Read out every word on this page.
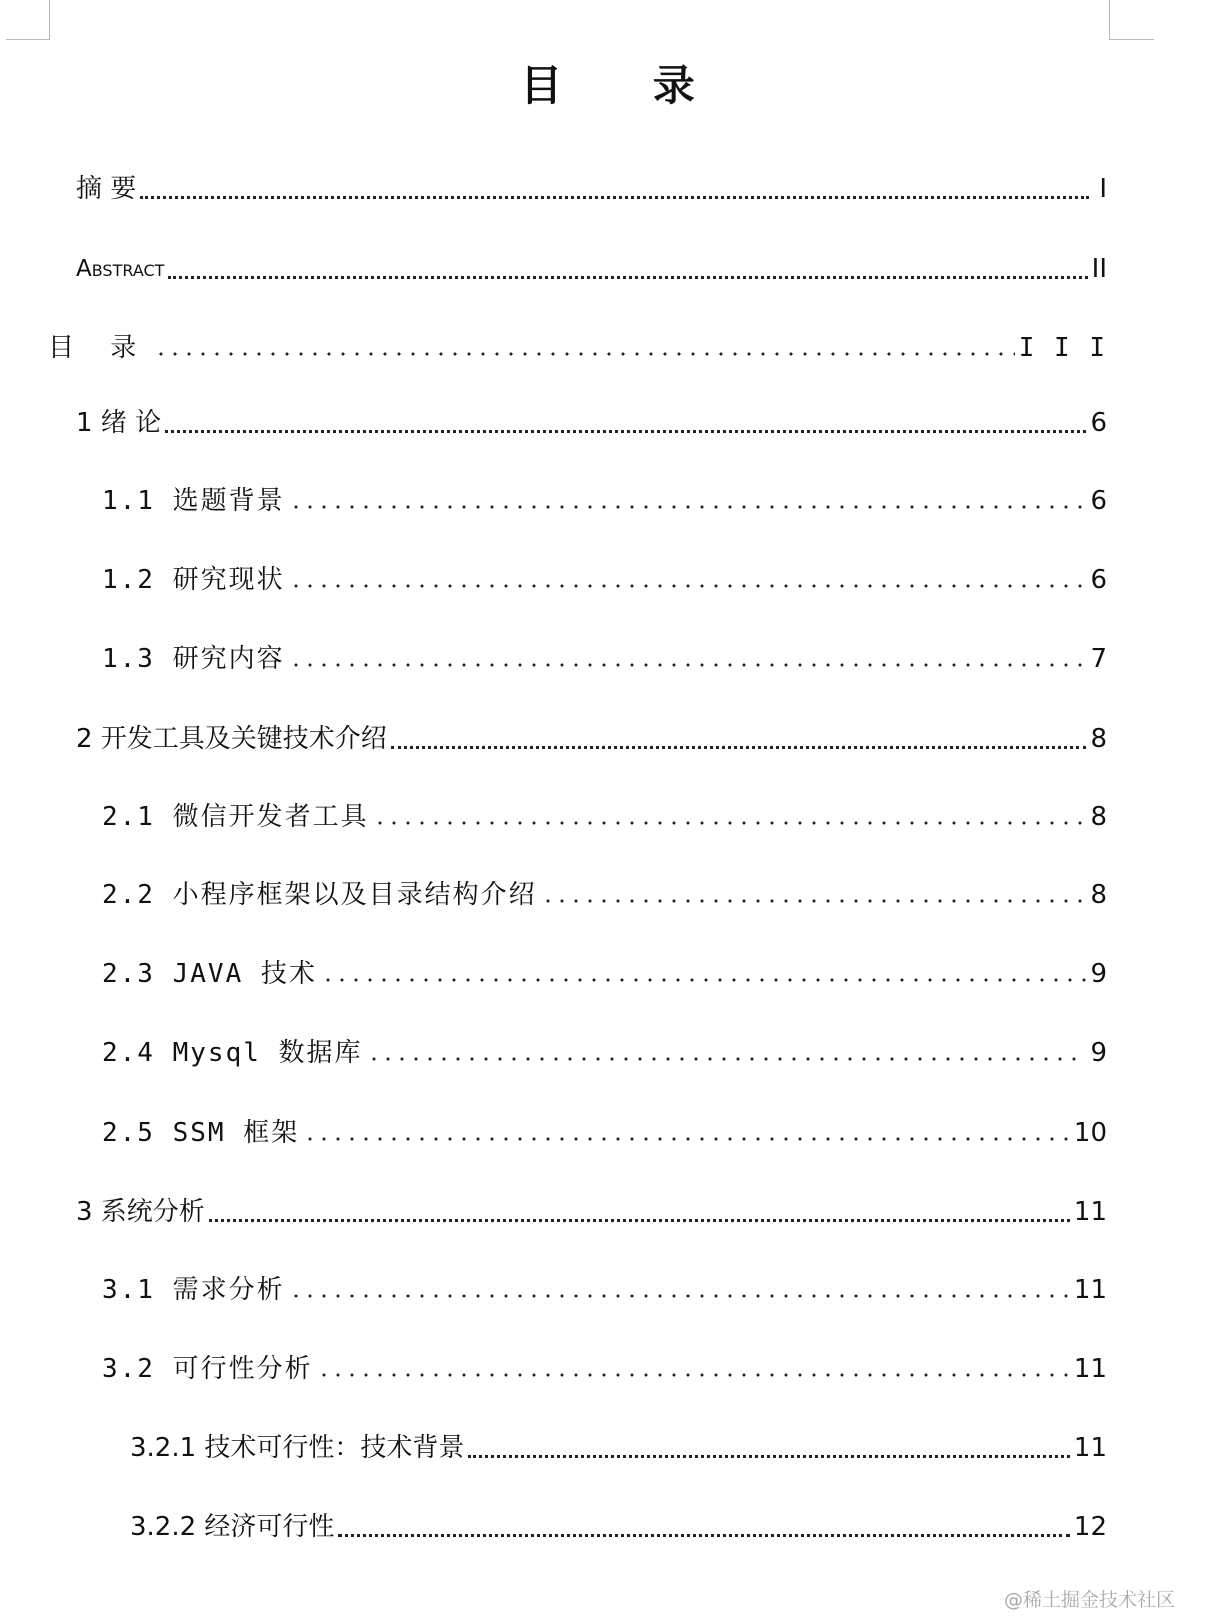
目 录
摘 要	I
Abstract	II
目 录	I I I
1 绪 论	6
1.1 选题背景	6
1.2 研究现状	6
1.3 研究内容	7
2 开发工具及关键技术介绍	8
2.1 微信开发者工具	8
2.2 小程序框架以及目录结构介绍	8
2.3 JAVA 技术	9
2.4 Mysql 数据库	9
2.5 SSM 框架	10
3 系统分析	11
3.1 需求分析	11
3.2 可行性分析	11
3.2.1 技术可行性：技术背景	11
3.2.2 经济可行性	12
@稀土掘金技术社区
